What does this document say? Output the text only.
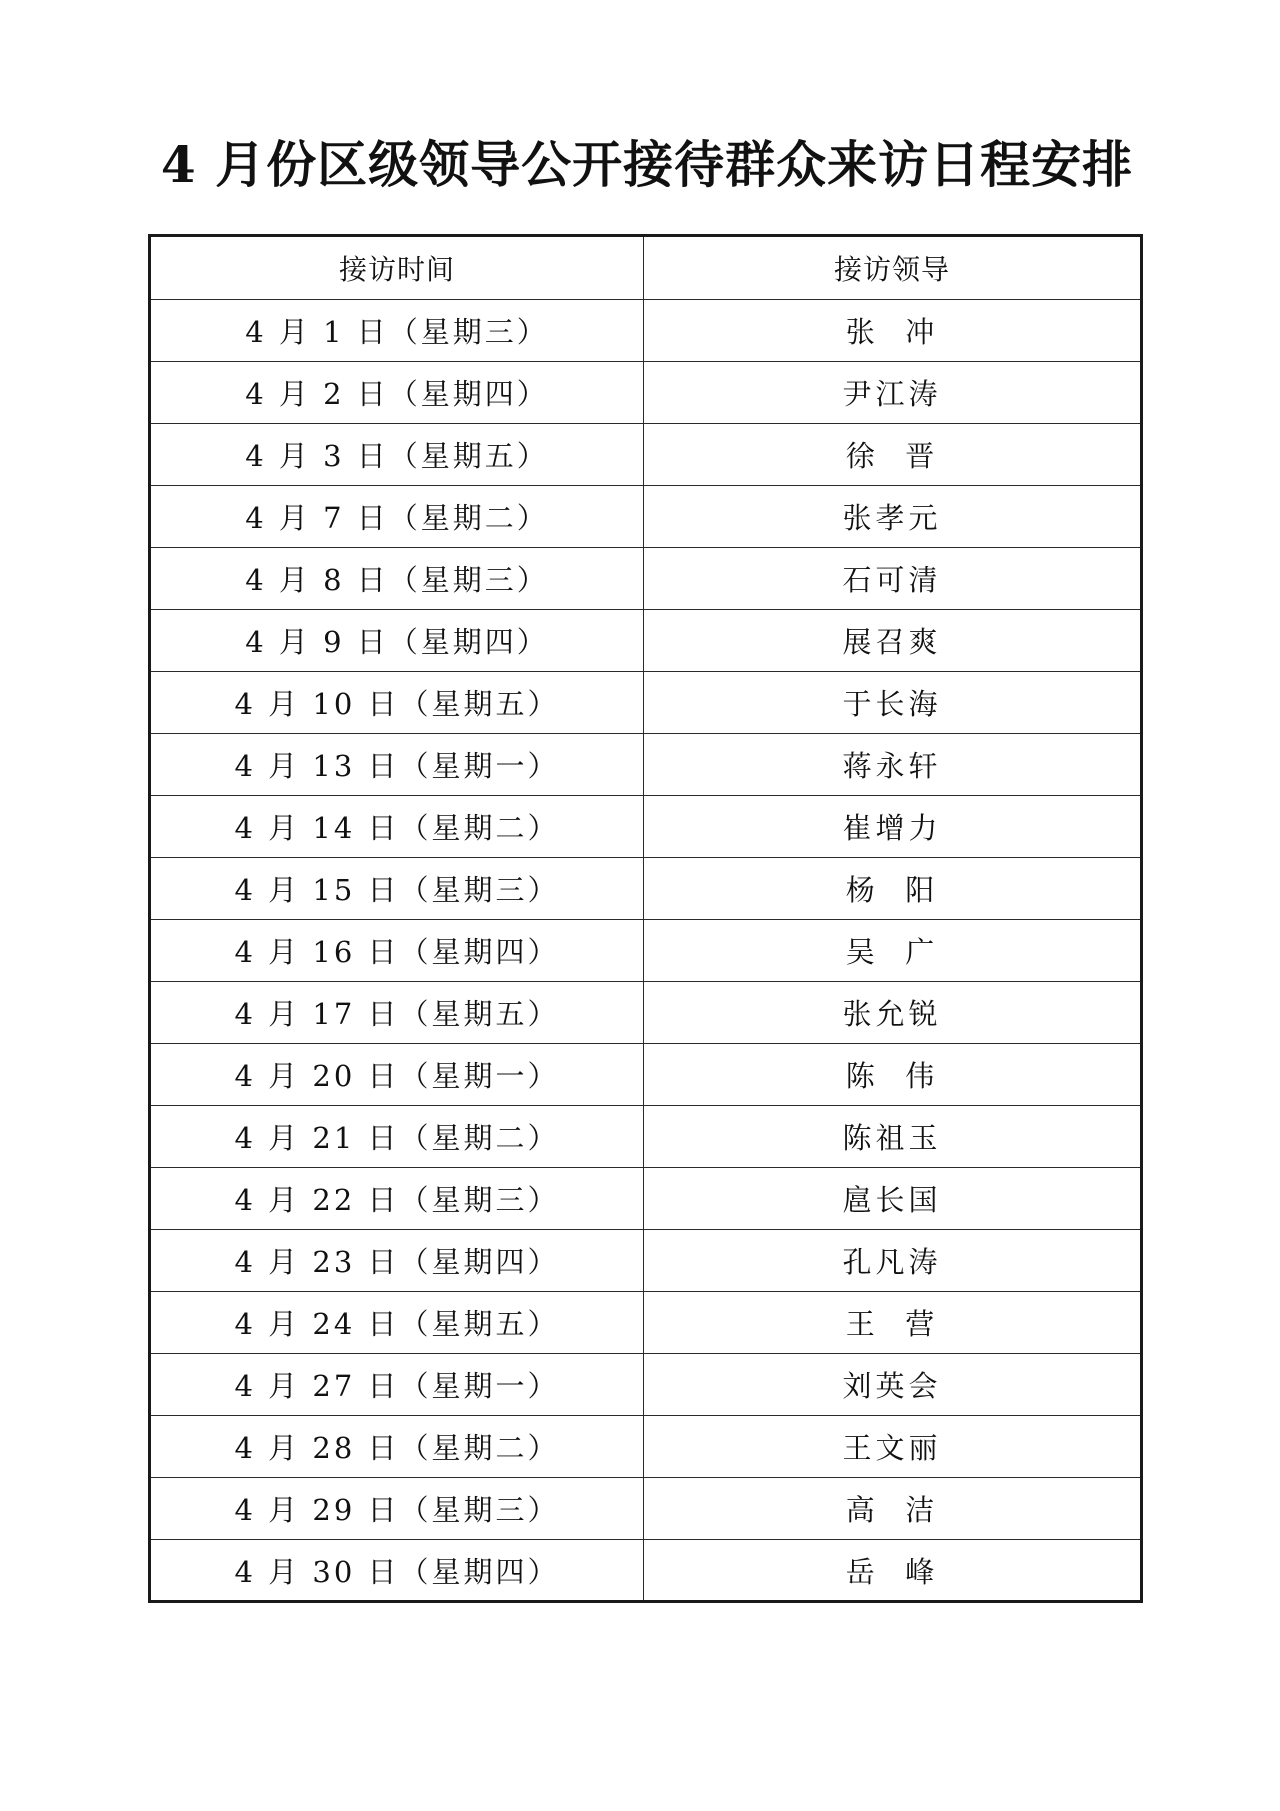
4 月份区级领导公开接待群众来访日程安排
接访时间	接访领导
4 月 1 日（星期三）	张  冲
4 月 2 日（星期四）	尹江涛
4 月 3 日（星期五）	徐  晋
4 月 7 日（星期二）	张孝元
4 月 8 日（星期三）	石可清
4 月 9 日（星期四）	展召爽
4 月 10 日（星期五）	于长海
4 月 13 日（星期一）	蒋永轩
4 月 14 日（星期二）	崔增力
4 月 15 日（星期三）	杨  阳
4 月 16 日（星期四）	吴  广
4 月 17 日（星期五）	张允锐
4 月 20 日（星期一）	陈  伟
4 月 21 日（星期二）	陈祖玉
4 月 22 日（星期三）	扈长国
4 月 23 日（星期四）	孔凡涛
4 月 24 日（星期五）	王  营
4 月 27 日（星期一）	刘英会
4 月 28 日（星期二）	王文丽
4 月 29 日（星期三）	高  洁
4 月 30 日（星期四）	岳  峰
